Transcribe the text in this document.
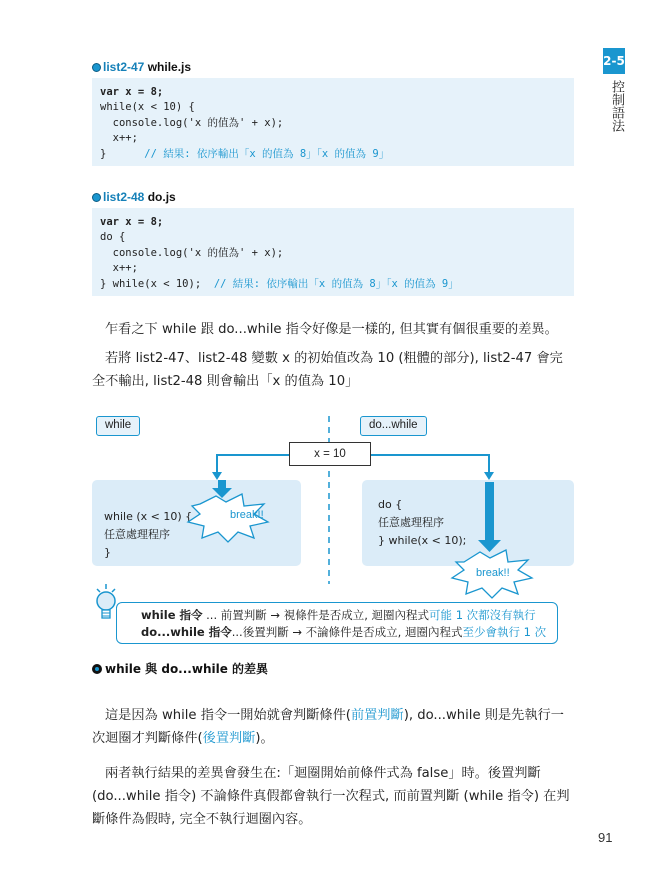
2-5
控制語法
list2-47 while.js
var x = 8;
while(x < 10) {
console.log('x 的值為' + x);
x++;
}	// 結果: 依序輸出「x 的值為 8」「x 的值為 9」
list2-48 do.js
var x = 8;
do {
console.log('x 的值為' + x);
x++;
} while(x < 10); // 結果: 依序輸出「x 的值為 8」「x 的值為 9」
乍看之下 while 跟 do...while 指令好像是一樣的, 但其實有個很重要的差異。
若將 list2-47、list2-48 變數 x 的初始值改為 10 (粗體的部分), list2-47 會完全不輸出, list2-48 則會輸出「x 的值為 10」
while	do...while
x = 10
while (x < 10) {
任意處理程序
}
do {
任意處理程序
} while(x < 10);
break!!
break!!
while 指令 ... 前置判斷 → 視條件是否成立, 迴圈內程式可能 1 次都沒有執行
do...while 指令...後置判斷 → 不論條件是否成立, 迴圈內程式至少會執行 1 次
while 與 do...while 的差異
這是因為 while 指令一開始就會判斷條件(前置判斷), do...while 則是先執行一次迴圈才判斷條件(後置判斷)。
兩者執行結果的差異會發生在:「迴圈開始前條件式為 false」時。後置判斷 (do...while 指令) 不論條件真假都會執行一次程式, 而前置判斷 (while 指令) 在判斷條件為假時, 完全不執行迴圈內容。
91
